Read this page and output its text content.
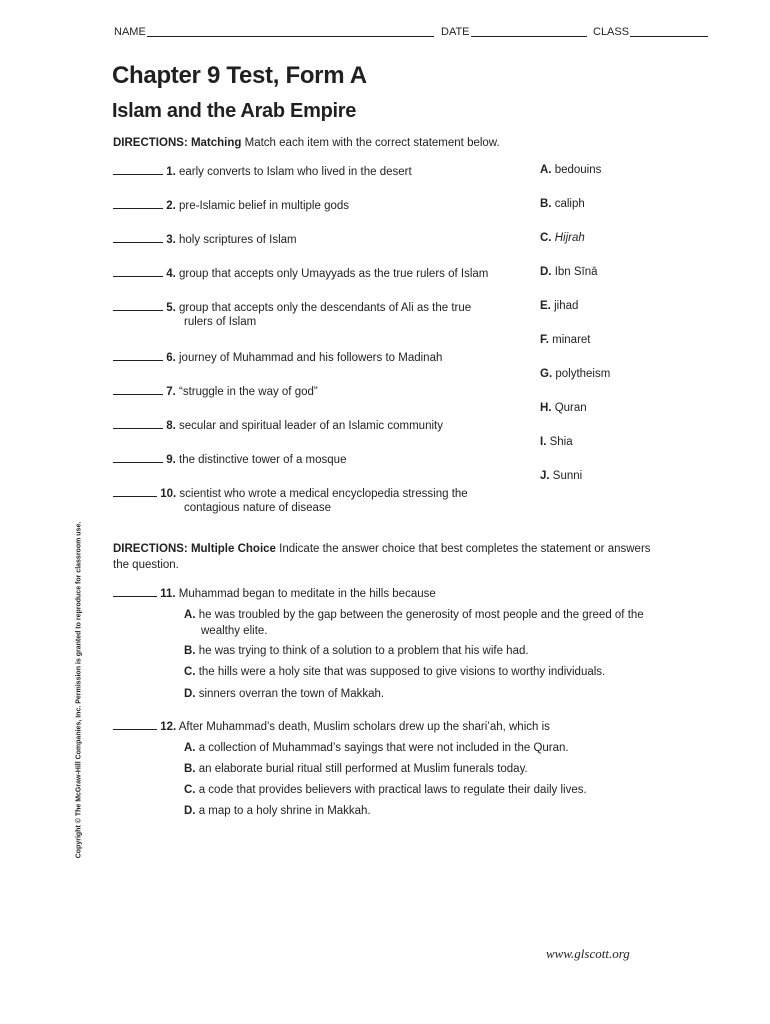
NAME	DATE	CLASS
Chapter 9 Test, Form A
Islam and the Arab Empire
DIRECTIONS: Matching Match each item with the correct statement below.
1. early converts to Islam who lived in the desert
2. pre-Islamic belief in multiple gods
3. holy scriptures of Islam
4. group that accepts only Umayyads as the true rulers of Islam
5. group that accepts only the descendants of Ali as the true
rulers of Islam
6. journey of Muhammad and his followers to Madinah
7. “struggle in the way of god”
8. secular and spiritual leader of an Islamic community
9. the distinctive tower of a mosque
10. scientist who wrote a medical encyclopedia stressing the
contagious nature of disease
A. bedouins
B. caliph
C. Hijrah
D. Ibn Sīnā
E. jihad
F. minaret
G. polytheism
H. Quran
I. Shia
J. Sunni
DIRECTIONS: Multiple Choice Indicate the answer choice that best completes the statement or answers
the question.
11. Muhammad began to meditate in the hills because
A. he was troubled by the gap between the generosity of most people and the greed of the
wealthy elite.
B. he was trying to think of a solution to a problem that his wife had.
C. the hills were a holy site that was supposed to give visions to worthy individuals.
D. sinners overran the town of Makkah.
12. After Muhammad’s death, Muslim scholars drew up the shari’ah, which is
A. a collection of Muhammad’s sayings that were not included in the Quran.
B. an elaborate burial ritual still performed at Muslim funerals today.
C. a code that provides believers with practical laws to regulate their daily lives.
D. a map to a holy shrine in Makkah.
Copyright © The McGraw-Hill Companies, Inc. Permission is granted to reproduce for classroom use.
www.glscott.org
